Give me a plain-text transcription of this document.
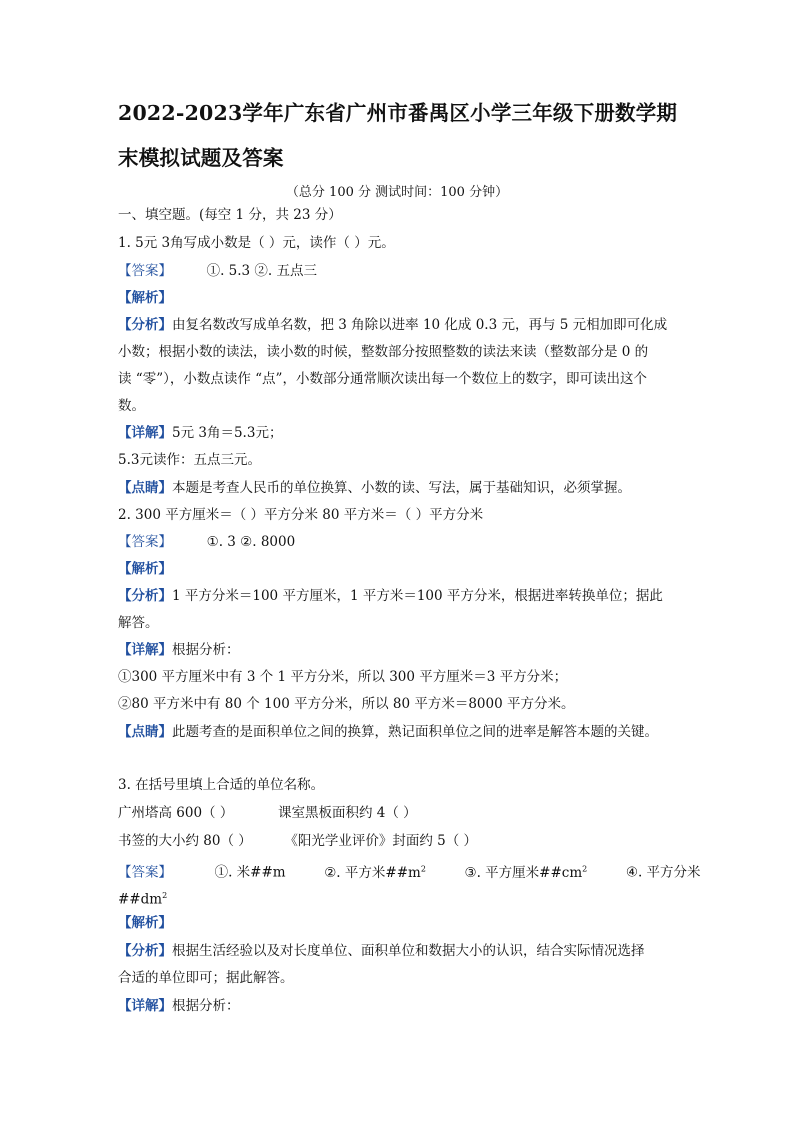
2022-2023学年广东省广州市番禺区小学三年级下册数学期
末模拟试题及答案
（总分 100 分 测试时间：100 分钟）
一、填空题。(每空 1 分，共 23 分）
1. 5元 3角写成小数是（ ）元，读作（ ）元。
【答案】	①. 5.3 ②. 五点三
【解析】
【分析】由复名数改写成单名数，把 3 角除以进率 10 化成 0.3 元，再与 5 元相加即可化成
小数；根据小数的读法，读小数的时候，整数部分按照整数的读法来读（整数部分是 0 的
读 “零”），小数点读作 “点”，小数部分通常顺次读出每一个数位上的数字，即可读出这个
数。
【详解】5元 3角＝5.3元；
5.3元读作：五点三元。
【点睛】本题是考查人民币的单位换算、小数的读、写法，属于基础知识，必须掌握。
2. 300 平方厘米＝（ ）平方分米 80 平方米＝（ ）平方分米
【答案】	①. 3 ②. 8000
【解析】
【分析】1 平方分米＝100 平方厘米，1 平方米＝100 平方分米，根据进率转换单位；据此
解答。
【详解】根据分析：
①300 平方厘米中有 3 个 1 平方分米，所以 300 平方厘米＝3 平方分米；
②80 平方米中有 80 个 100 平方分米，所以 80 平方米＝8000 平方分米。
【点睛】此题考查的是面积单位之间的换算，熟记面积单位之间的进率是解答本题的关键。
3. 在括号里填上合适的单位名称。
广州塔高 600（ ）	课室黑板面积约 4（ ）
书签的大小约 80（ ） 《阳光学业评价》封面约 5（ ）
【答案】	①. 米##m	②. 平方米$\#\#m^2$	③. 平方厘米$\#\#cm^2$	④. 平方分米
$\#\#dm^2$
【解析】
【分析】根据生活经验以及对长度单位、面积单位和数据大小的认识，结合实际情况选择
合适的单位即可；据此解答。
【详解】根据分析：
